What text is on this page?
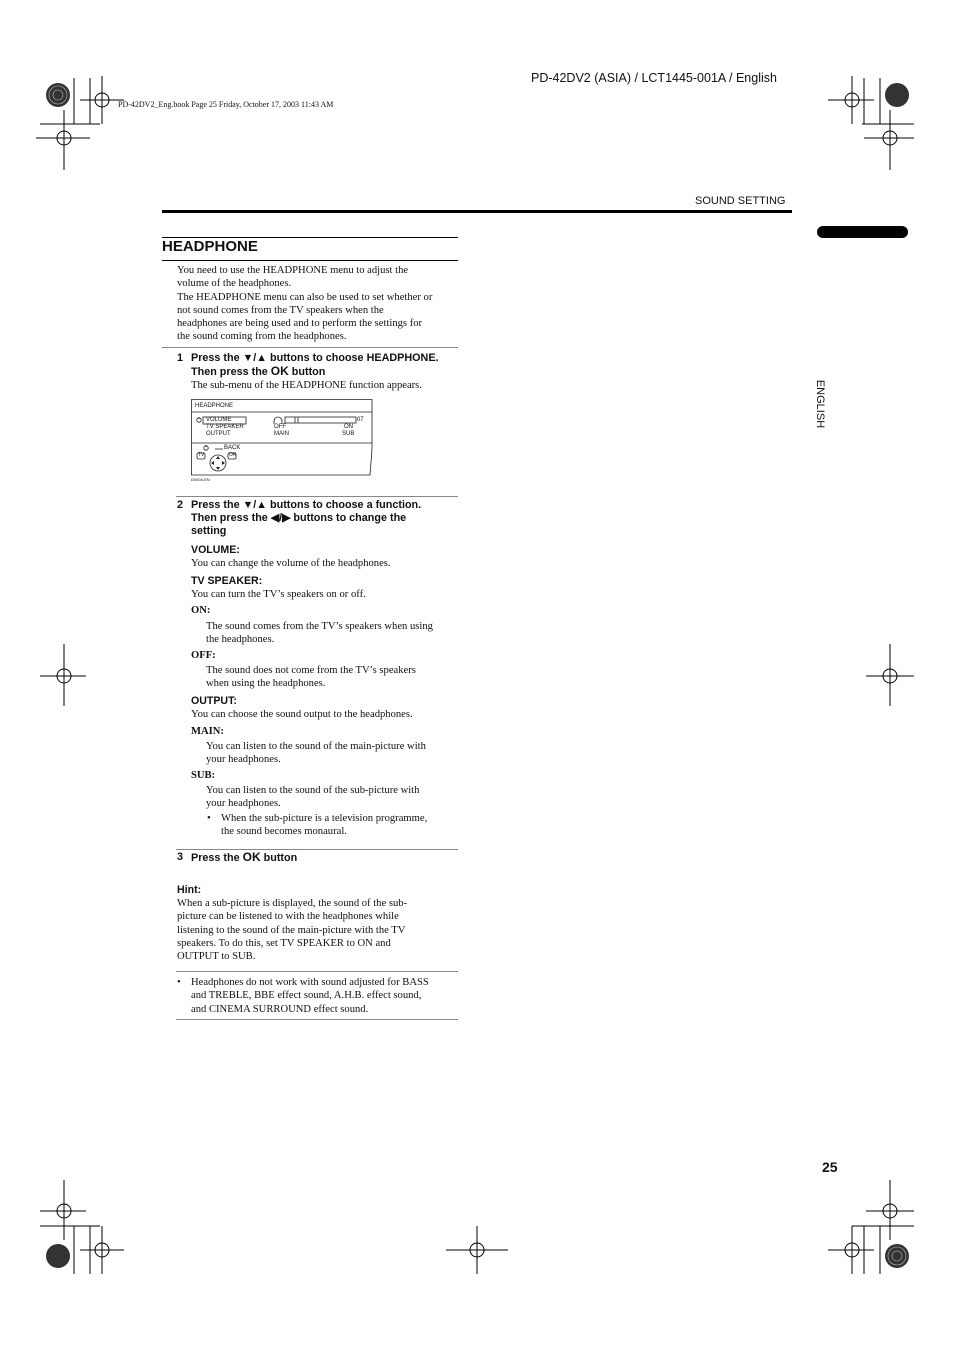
PD-42DV2_Eng.book Page 25 Friday, October 17, 2003 11:43 AM
PD-42DV2 (ASIA) / LCT1445-001A / English
SOUND SETTING
ENGLISH
HEADPHONE
You need to use the HEADPHONE menu to adjust the
volume of the headphones.
The HEADPHONE menu can also be used to set whether or
not sound comes from the TV speakers when the
headphones are being used and to perform the settings for
the sound coming from the headphones.
1 Press the ▼/▲ buttons to choose HEADPHONE.
Then press the OK button
The sub-menu of the HEADPHONE function appears.
HEADPHONE
VOLUME	07
TV SPEAKER	OFF	ON
OUTPUT	MAIN	SUB
BACK
TV	OK
D0004-EN
2 Press the ▼/▲ buttons to choose a function.
Then press the ◀/▶ buttons to change the
setting
VOLUME:
You can change the volume of the headphones.
TV SPEAKER:
You can turn the TV’s speakers on or off.
ON:
The sound comes from the TV’s speakers when using
the headphones.
OFF:
The sound does not come from the TV’s speakers
when using the headphones.
OUTPUT:
You can choose the sound output to the headphones.
MAIN:
You can listen to the sound of the main-picture with
your headphones.
SUB:
You can listen to the sound of the sub-picture with
your headphones.
• When the sub-picture is a television programme,
the sound becomes monaural.
3 Press the OK button
Hint:
When a sub-picture is displayed, the sound of the sub-
picture can be listened to with the headphones while
listening to the sound of the main-picture with the TV
speakers. To do this, set TV SPEAKER to ON and
OUTPUT to SUB.
• Headphones do not work with sound adjusted for BASS
and TREBLE, BBE effect sound, A.H.B. effect sound,
and CINEMA SURROUND effect sound.
25
